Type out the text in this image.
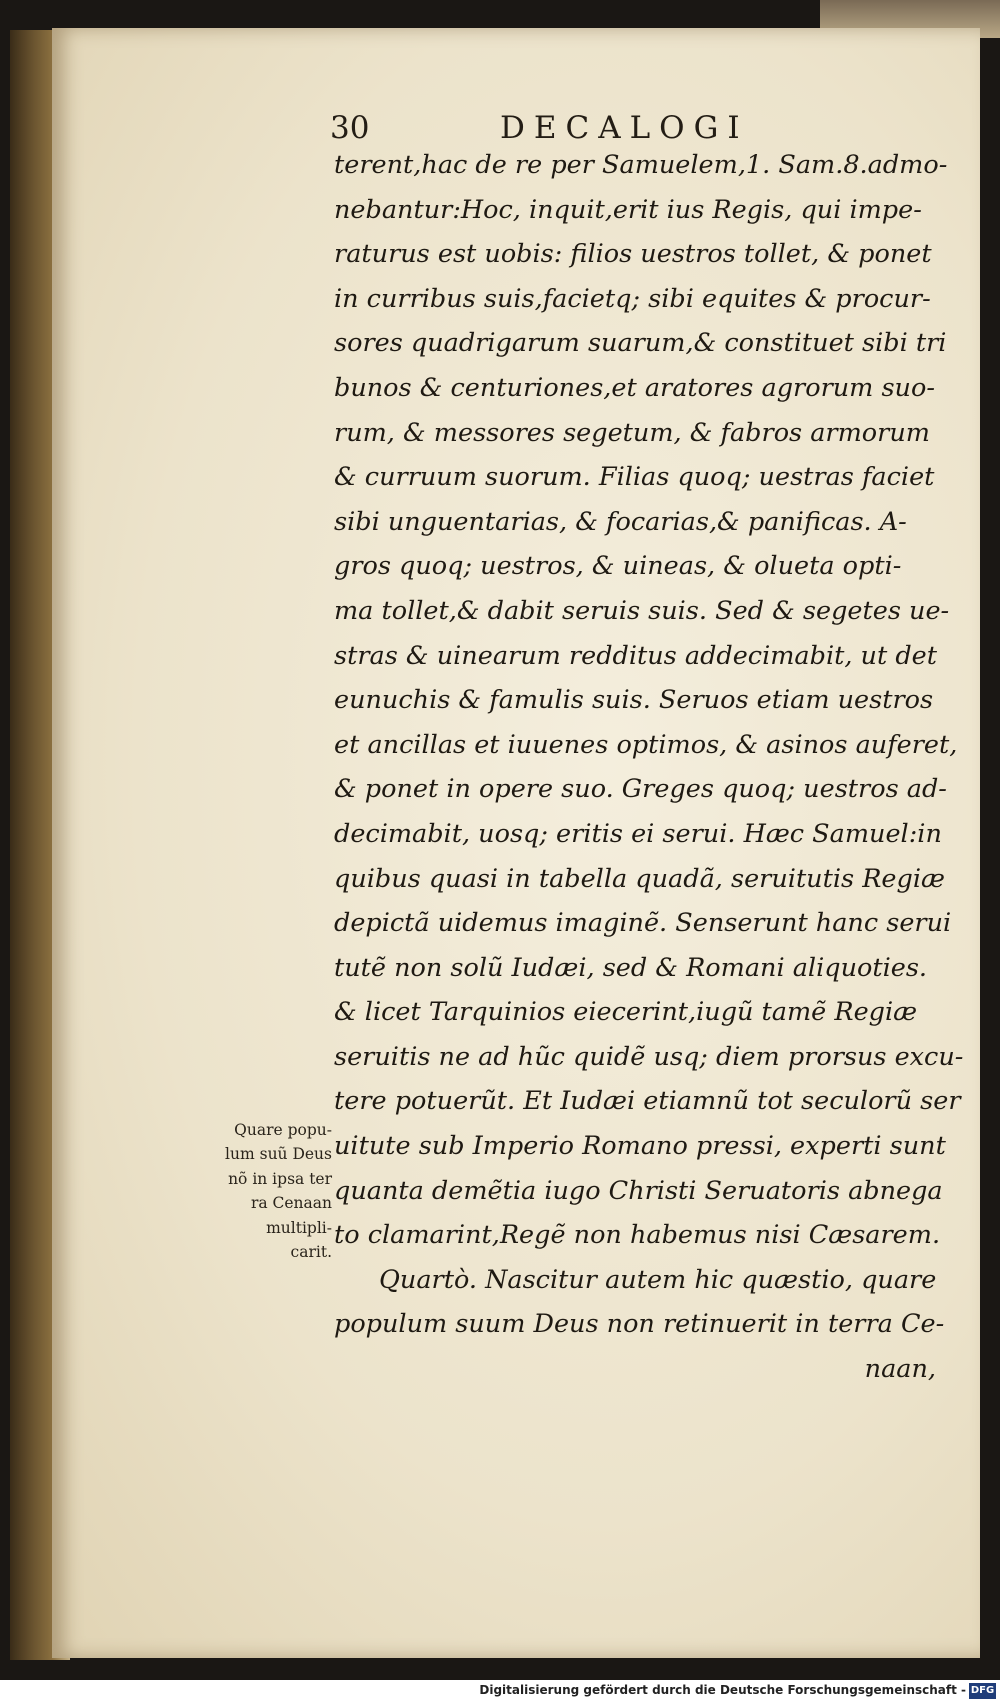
30	DECALOGI
terent,hac de re per Samuelem,1. Sam.8.admo-
nebantur:Hoc, inquit,erit ius Regis, qui impe-
raturus est uobis: filios uestros tollet, & ponet
in curribus suis,facietq; sibi equites & procur-
sores quadrigarum suarum,& constituet sibi tri
bunos & centuriones,et aratores agrorum suo-
rum, & messores segetum, & fabros armorum
& curruum suorum. Filias quoq; uestras faciet
sibi unguentarias, & focarias,& panificas. A-
gros quoq; uestros, & uineas, & olueta opti-
ma tollet,& dabit seruis suis. Sed & segetes ue-
stras & uinearum redditus addecimabit, ut det
eunuchis & famulis suis. Seruos etiam uestros
et ancillas et iuuenes optimos, & asinos auferet,
& ponet in opere suo. Greges quoq; uestros ad-
decimabit, uosq; eritis ei serui. Hæc Samuel:in
quibus quasi in tabella quadã, seruitutis Regiæ
depictã uidemus imaginẽ. Senserunt hanc serui
tutẽ non solũ Iudæi, sed & Romani aliquoties.
& licet Tarquinios eiecerint,iugũ tamẽ Regiæ
seruitis ne ad hũc quidẽ usq; diem prorsus excu-
tere potuerũt. Et Iudæi etiamnũ tot seculorũ ser
uitute sub Imperio Romano pressi, experti sunt
quanta demẽtia iugo Christi Seruatoris abnega
to clamarint,Regẽ non habemus nisi Cæsarem.
Quartò. Nascitur autem hic quæstio, quare
populum suum Deus non retinuerit in terra Ce-
naan,
Quare popu-
lum suũ Deus
nõ in ipsa ter
ra Cenaan
multipli-
carit.
Digitalisierung gefördert durch die Deutsche Forschungsgemeinschaft - DFG
